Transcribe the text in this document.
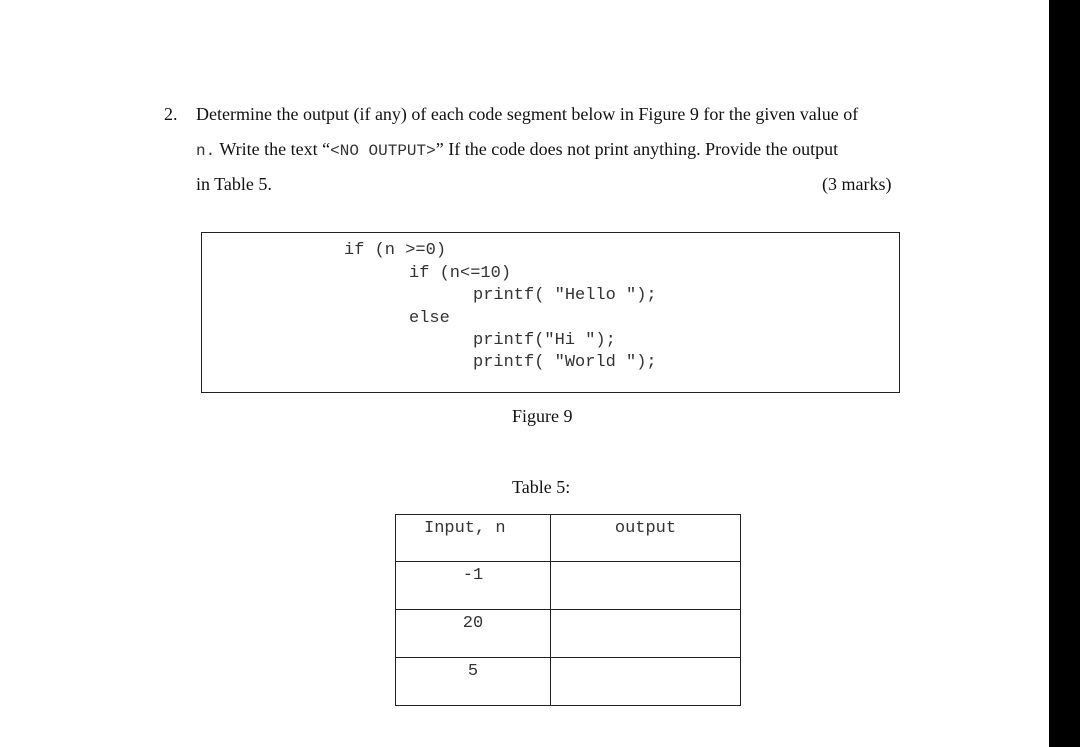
2. Determine the output (if any) of each code segment below in Figure 9 for the given value of
n. Write the text “<NO OUTPUT>” If the code does not print anything. Provide the output
in Table 5.	(3 marks)
if (n >=0)
if (n<=10)
printf( "Hello ");
else
printf("Hi ");
printf( "World ");
Figure 9
Table 5:
Input, n	output

-1	

20	

5	
